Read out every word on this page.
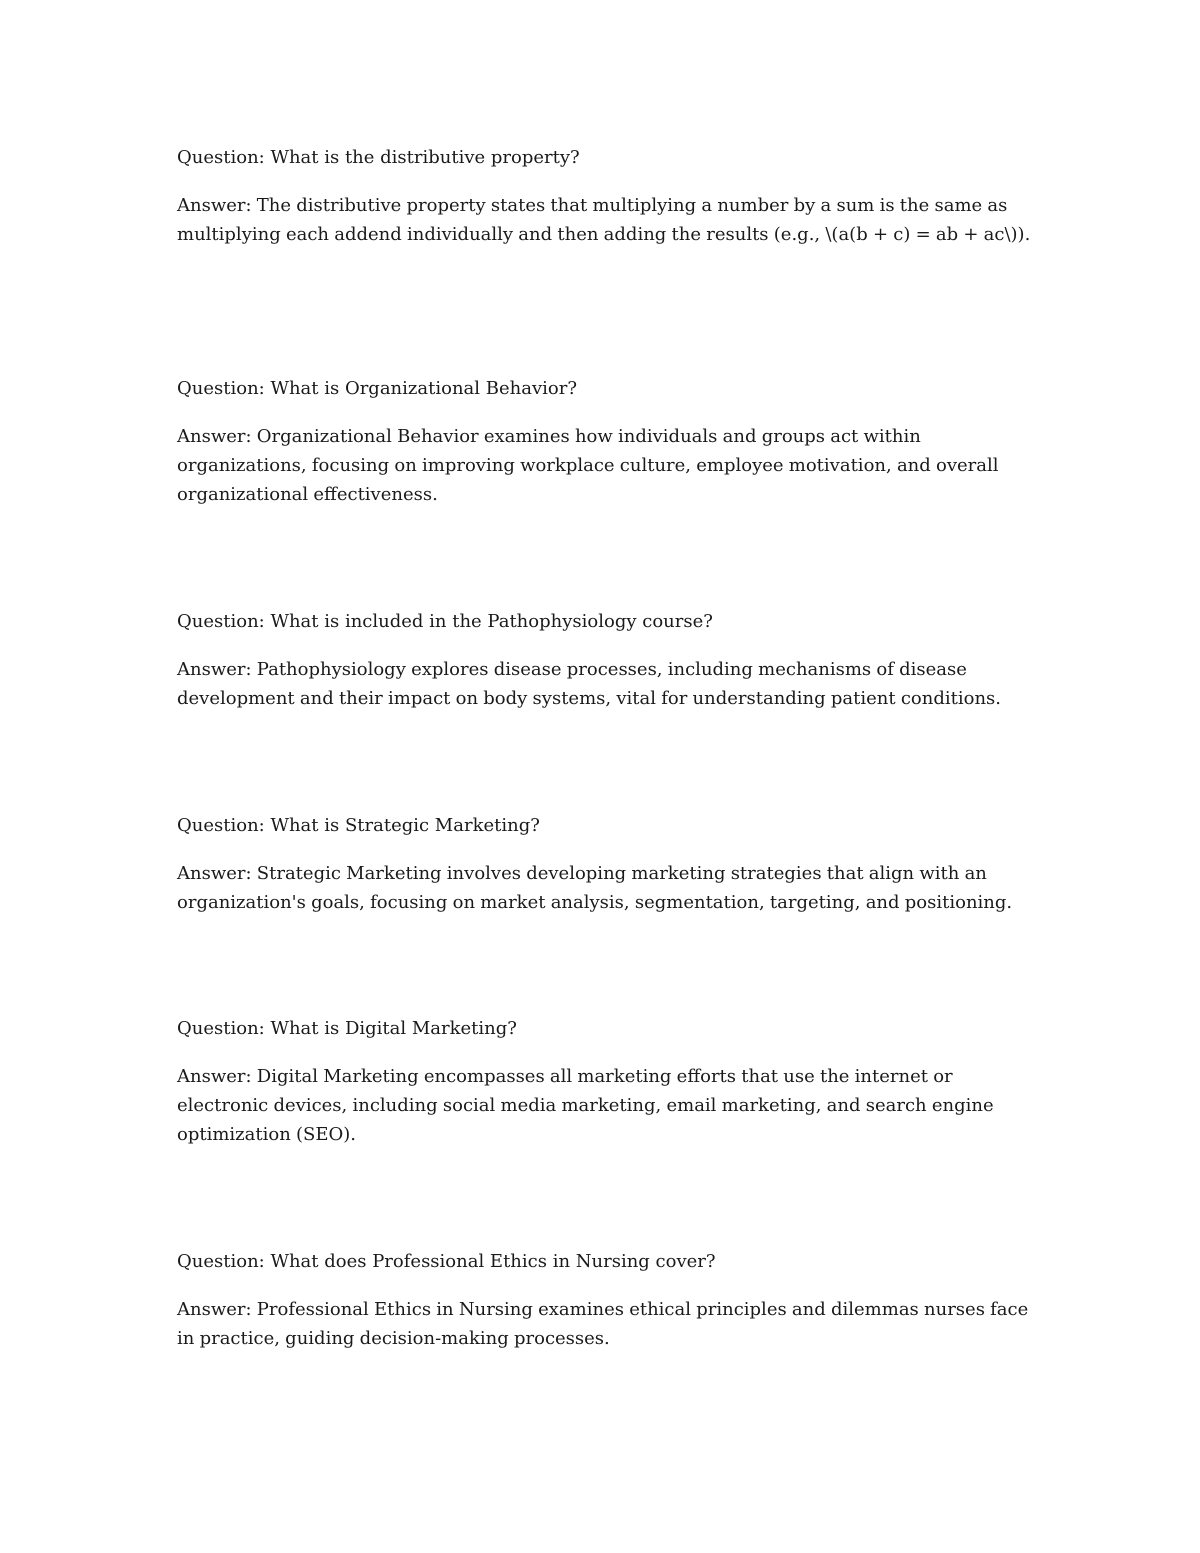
Question: What is the distributive property?

Answer: The distributive property states that multiplying a number by a sum is the same as multiplying each addend individually and then adding the results (e.g., \(a(b + c) = ab + ac\)).

Question: What is Organizational Behavior?

Answer: Organizational Behavior examines how individuals and groups act within organizations, focusing on improving workplace culture, employee motivation, and overall organizational effectiveness.

Question: What is included in the Pathophysiology course?

Answer: Pathophysiology explores disease processes, including mechanisms of disease development and their impact on body systems, vital for understanding patient conditions.

Question: What is Strategic Marketing?

Answer: Strategic Marketing involves developing marketing strategies that align with an organization's goals, focusing on market analysis, segmentation, targeting, and positioning.

Question: What is Digital Marketing?

Answer: Digital Marketing encompasses all marketing efforts that use the internet or electronic devices, including social media marketing, email marketing, and search engine optimization (SEO).

Question: What does Professional Ethics in Nursing cover?

Answer: Professional Ethics in Nursing examines ethical principles and dilemmas nurses face in practice, guiding decision-making processes.
